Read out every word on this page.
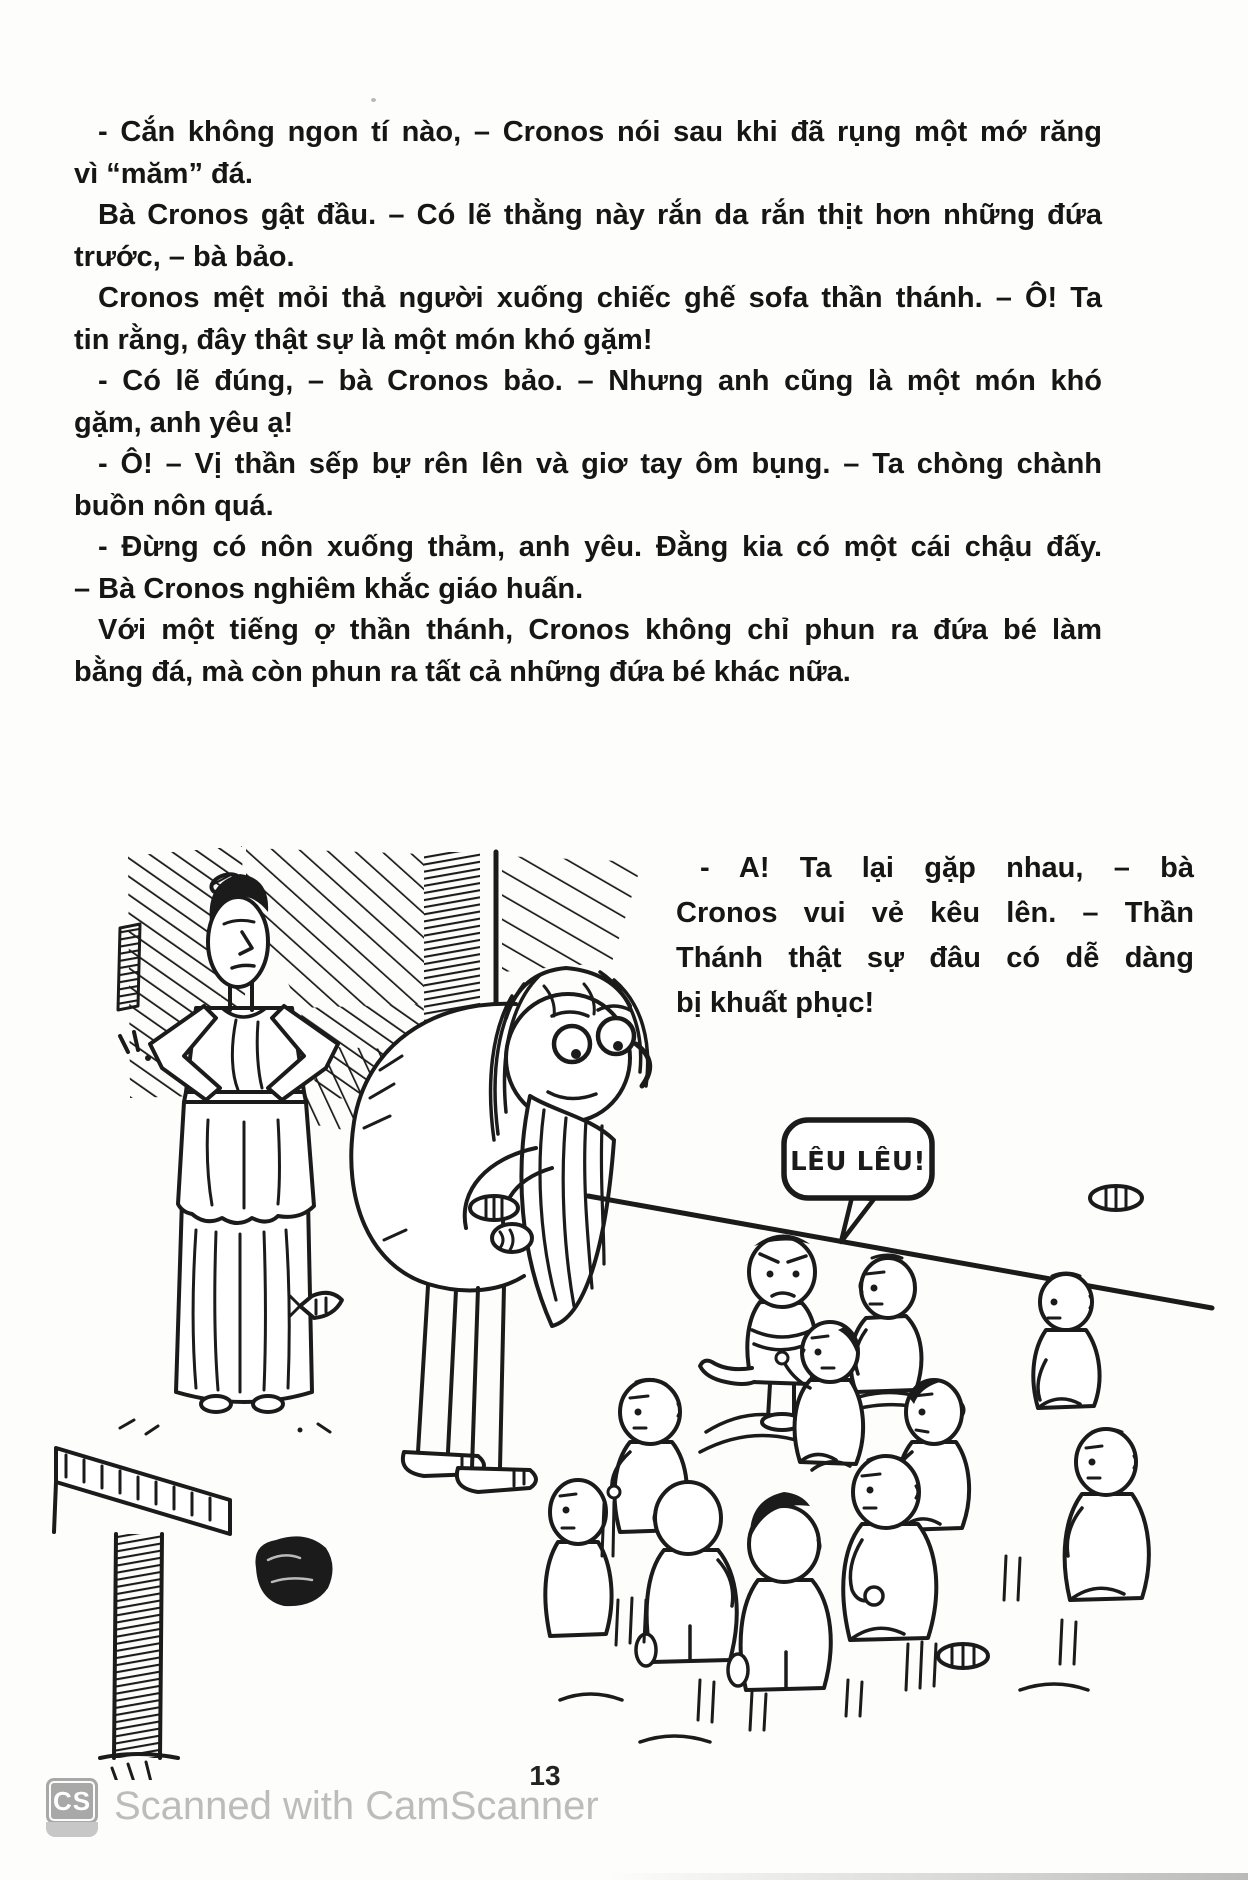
- Cắn không ngon tí nào, – Cronos nói sau khi đã rụng một mớ răng
vì “măm” đá.
Bà Cronos gật đầu. – Có lẽ thằng này rắn da rắn thịt hơn những đứa
trước, – bà bảo.
Cronos mệt mỏi thả người xuống chiếc ghế sofa thần thánh. – Ô! Ta
tin rằng, đây thật sự là một món khó gặm!
- Có lẽ đúng, – bà Cronos bảo. – Nhưng anh cũng là một món khó
gặm, anh yêu ạ!
- Ô! – Vị thần sếp bự rên lên và giơ tay ôm bụng. – Ta chòng chành
buồn nôn quá.
- Đừng có nôn xuống thảm, anh yêu. Đằng kia có một cái chậu đấy.
– Bà Cronos nghiêm khắc giáo huấn.
Với một tiếng ợ thần thánh, Cronos không chỉ phun ra đứa bé làm
bằng đá, mà còn phun ra tất cả những đứa bé khác nữa.
- A! Ta lại gặp nhau, – bà
Cronos vui vẻ kêu lên. – Thần
Thánh thật sự đâu có dễ dàng
bị khuất phục!
LÊU LÊU!
13
CS Scanned with CamScanner
